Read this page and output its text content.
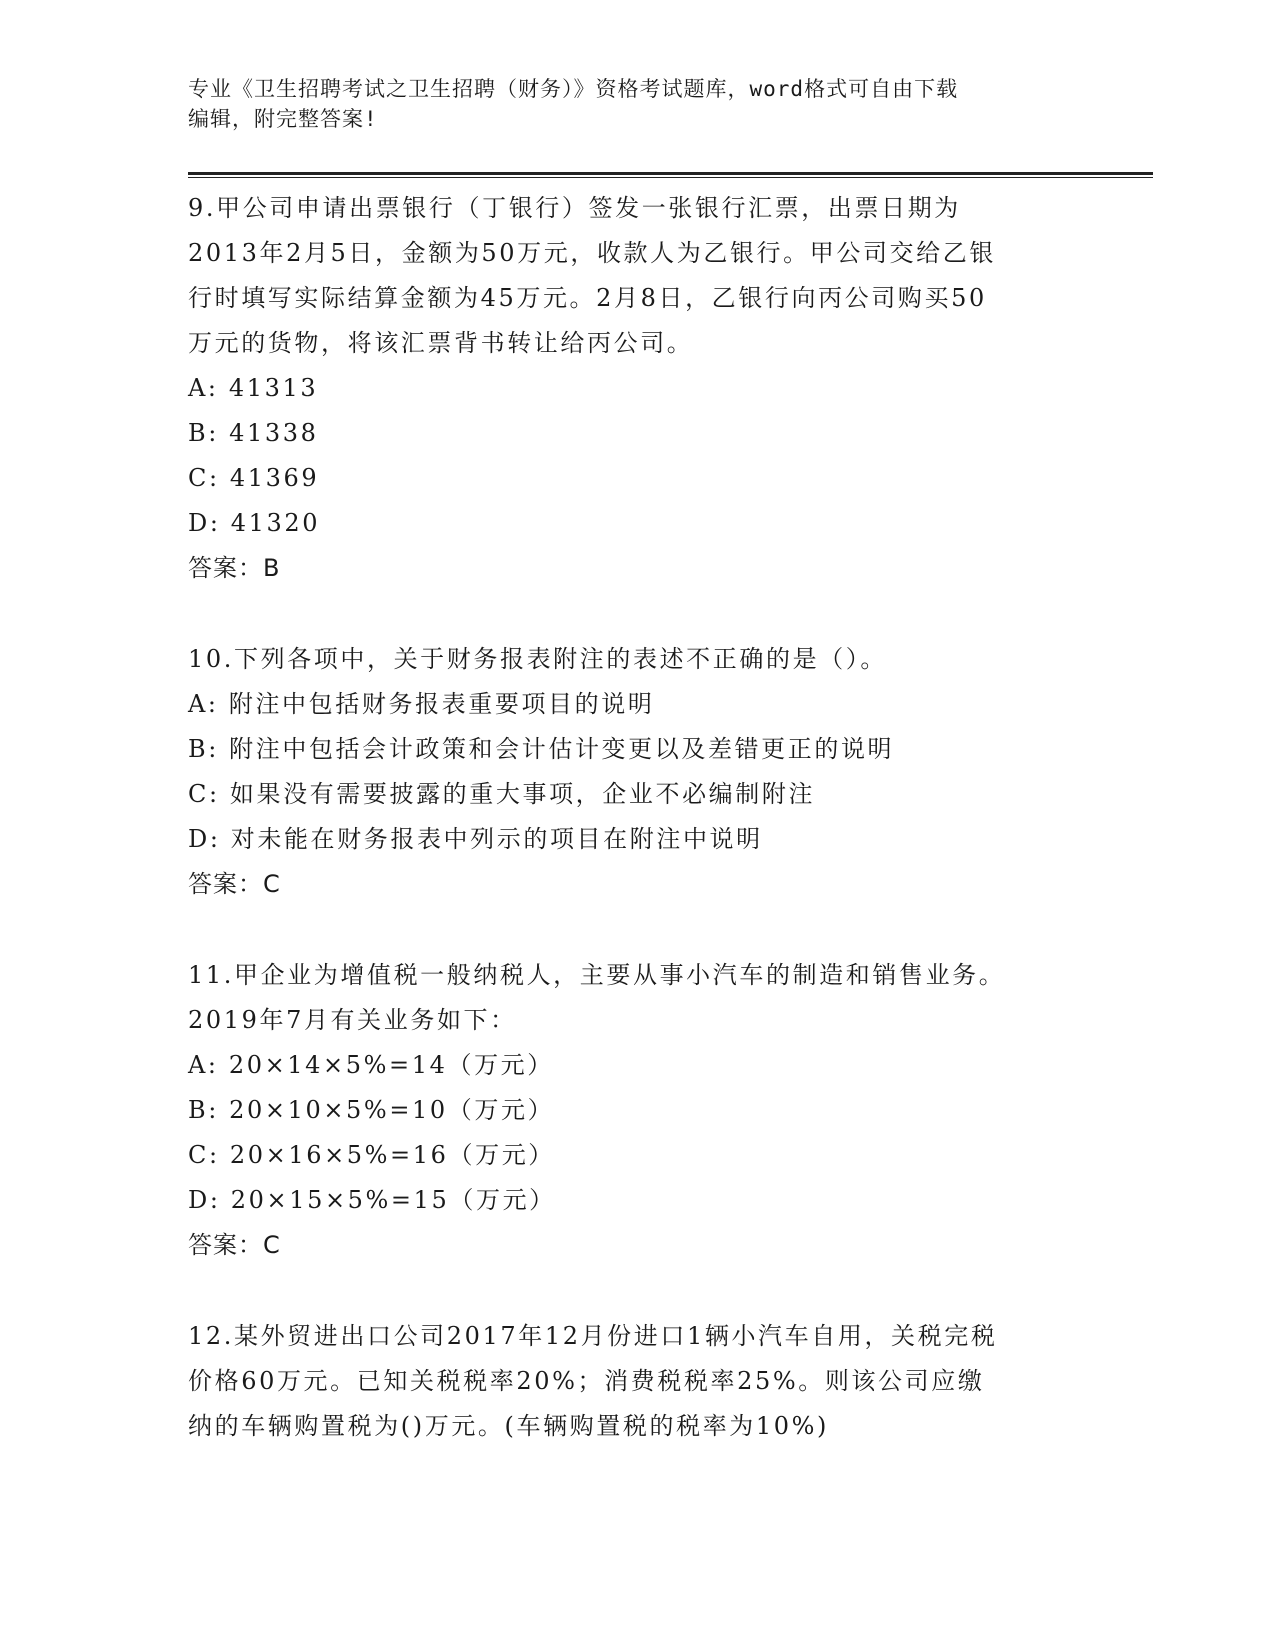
专业《卫生招聘考试之卫生招聘（财务）》资格考试题库，word格式可自由下载
编辑，附完整答案!

9.甲公司申请出票银行（丁银行）签发一张银行汇票，出票日期为

2013年2月5日，金额为50万元，收款人为乙银行。甲公司交给乙银

行时填写实际结算金额为45万元。2月8日，乙银行向丙公司购买50

万元的货物，将该汇票背书转让给丙公司。

A: 41313

B: 41338

C: 41369

D: 41320

答案：B

10.下列各项中，关于财务报表附注的表述不正确的是（）。

A: 附注中包括财务报表重要项目的说明

B: 附注中包括会计政策和会计估计变更以及差错更正的说明

C: 如果没有需要披露的重大事项，企业不必编制附注

D: 对未能在财务报表中列示的项目在附注中说明

答案：C

11.甲企业为增值税一般纳税人，主要从事小汽车的制造和销售业务。

2019年7月有关业务如下：

A: 20×14×5%=14（万元）

B: 20×10×5%=10（万元）

C: 20×16×5%=16（万元）

D: 20×15×5%=15（万元）

答案：C

12.某外贸进出口公司2017年12月份进口1辆小汽车自用，关税完税

价格60万元。已知关税税率20%；消费税税率25%。则该公司应缴

纳的车辆购置税为()万元。(车辆购置税的税率为10%)
